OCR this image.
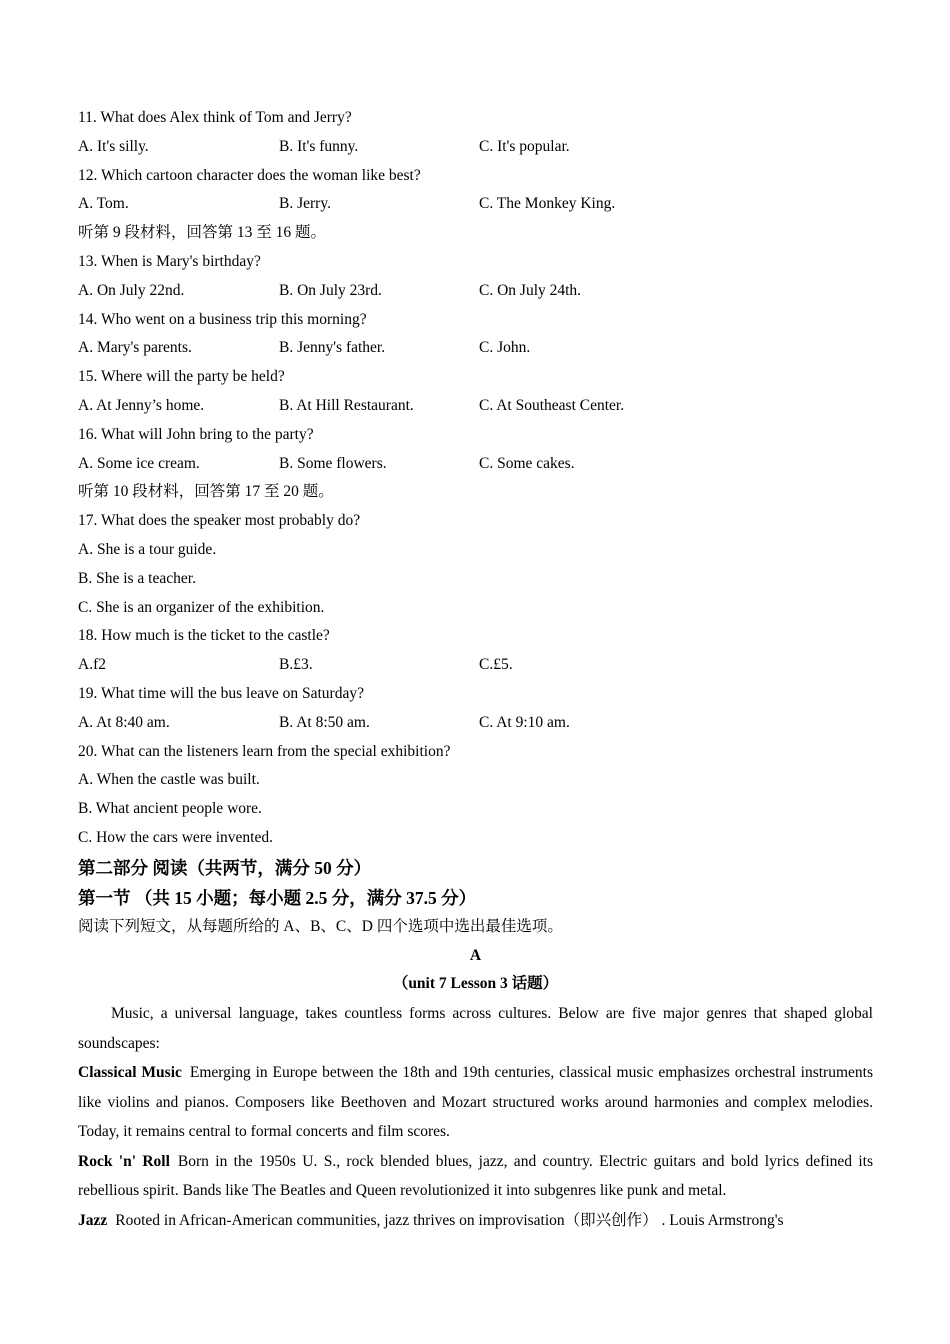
11. What does Alex think of Tom and Jerry?
A. It's silly.	B. It's funny.	C. It's popular.
12. Which cartoon character does the woman like best?
A. Tom.	B. Jerry.	C. The Monkey King.
听第 9 段材料，回答第 13 至 16 题。
13. When is Mary's birthday?
A. On July 22nd.	B. On July 23rd.	C. On July 24th.
14. Who went on a business trip this morning?
A. Mary's parents.	B. Jenny's father.	C. John.
15. Where will the party be held?
A. At Jenny’s home.	B. At Hill Restaurant.	C. At Southeast Center.
16. What will John bring to the party?
A. Some ice cream.	B. Some flowers.	C. Some cakes.
听第 10 段材料，回答第 17 至 20 题。
17. What does the speaker most probably do?
A. She is a tour guide.
B. She is a teacher.
C. She is an organizer of the exhibition.
18. How much is the ticket to the castle?
A.f2	B.£3.	C.£5.
19. What time will the bus leave on Saturday?
A. At 8:40 am.	B. At 8:50 am.	C. At 9:10 am.
20. What can the listeners learn from the special exhibition?
A. When the castle was built.
B. What ancient people wore.
C. How the cars were invented.
第二部分 阅读（共两节，满分 50 分）
第一节 （共 15 小题；每小题 2.5 分，满分 37.5 分）
阅读下列短文，从每题所给的 A、B、C、D 四个选项中选出最佳选项。
A
（unit 7 Lesson 3 话题）
Music, a universal language, takes countless forms across cultures. Below are five major genres that shaped global soundscapes:
Classical Music Emerging in Europe between the 18th and 19th centuries, classical music emphasizes orchestral instruments like violins and pianos. Composers like Beethoven and Mozart structured works around harmonies and complex melodies. Today, it remains central to formal concerts and film scores.
Rock 'n' Roll Born in the 1950s U. S., rock blended blues, jazz, and country. Electric guitars and bold lyrics defined its rebellious spirit. Bands like The Beatles and Queen revolutionized it into subgenres like punk and metal.
Jazz Rooted in African-American communities, jazz thrives on improvisation（即兴创作） . Louis Armstrong's
